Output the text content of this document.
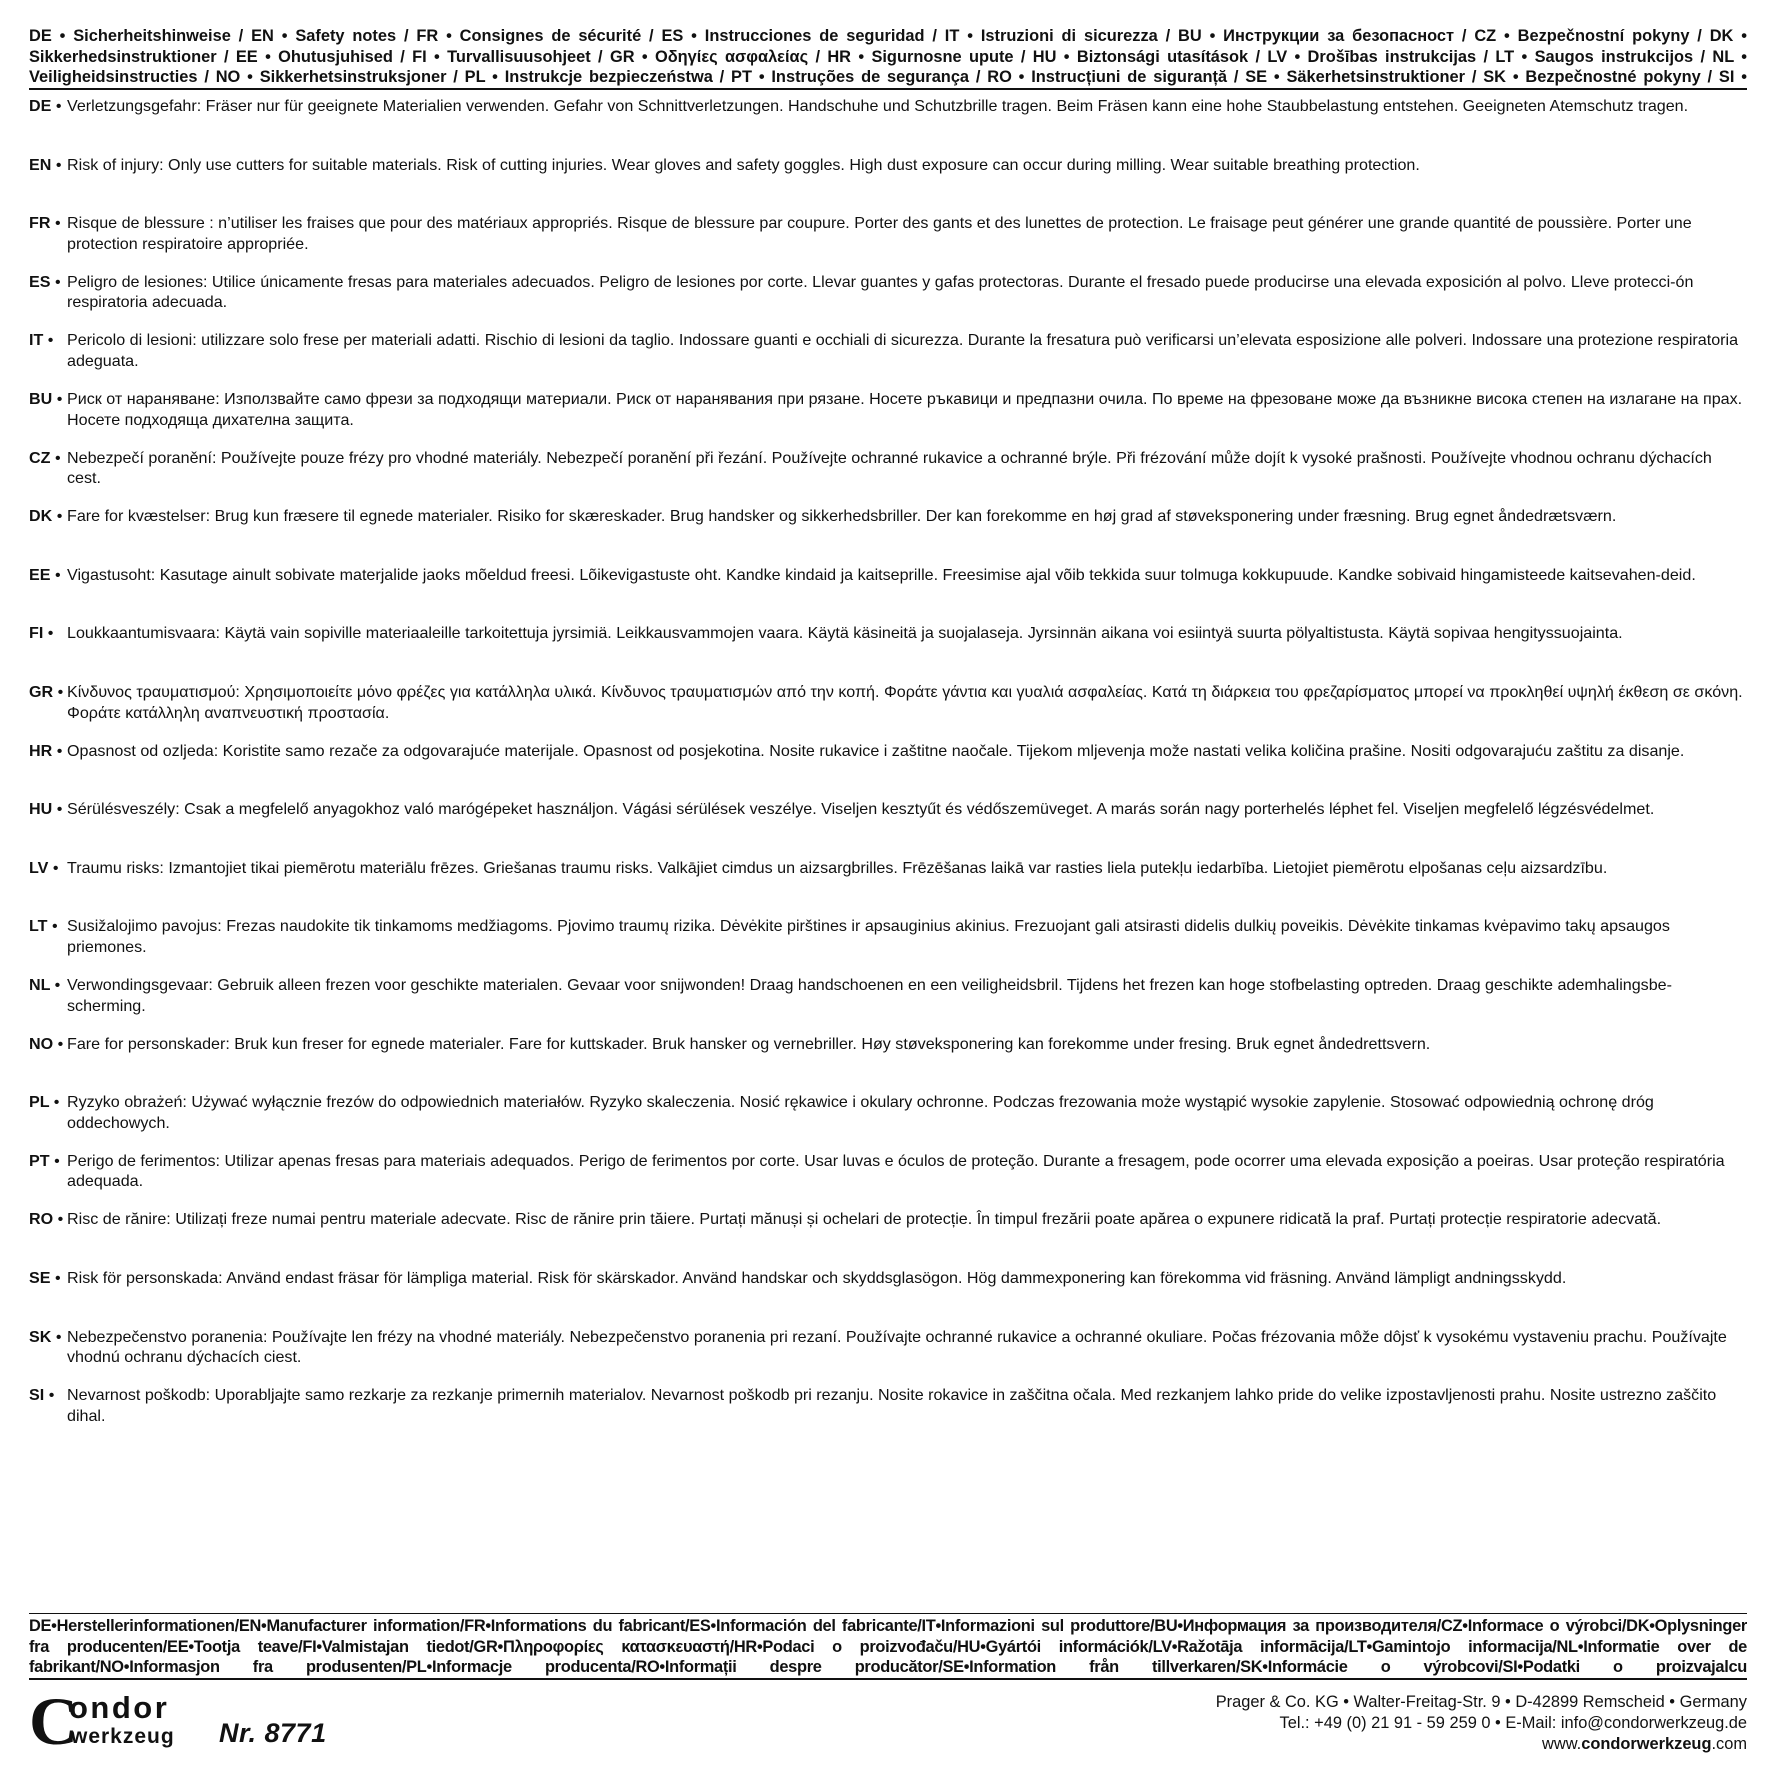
DE • Sicherheitshinweise / EN • Safety notes / FR • Consignes de sécurité / ES • Instrucciones de seguridad / IT • Istruzioni di sicurezza / BU • Инструкции за безопасност / CZ • Bezpečnostní pokyny / DK • Sikkerhedsinstruktioner / EE • Ohutusjuhised / FI • Turvallisuusohjeet / GR • Οδηγίες ασφαλείας / HR • Sigurnosne upute / HU • Biztonsági utasítások / LV • Drošības instrukcijas / LT • Saugos instrukcijos / NL • Veiligheidsinstructies / NO • Sikkerhetsinstruksjoner / PL • Instrukcje bezpieczeństwa / PT • Instruções de segurança / RO • Instrucțiuni de siguranță / SE • Säkerhetsinstruktioner / SK • Bezpečnostné pokyny / SI •
DE • Verletzungsgefahr: Fräser nur für geeignete Materialien verwenden. Gefahr von Schnittverletzungen. Handschuhe und Schutzbrille tragen. Beim Fräsen kann eine hohe Staubbelastung entstehen. Geeigneten Atemschutz tragen.
EN • Risk of injury: Only use cutters for suitable materials. Risk of cutting injuries. Wear gloves and safety goggles. High dust exposure can occur during milling. Wear suitable breathing protection.
FR • Risque de blessure : n’utiliser les fraises que pour des matériaux appropriés. Risque de blessure par coupure. Porter des gants et des lunettes de protection. Le fraisage peut générer une grande quantité de poussière. Porter une protection respiratoire appropriée.
ES • Peligro de lesiones: Utilice únicamente fresas para materiales adecuados. Peligro de lesiones por corte. Llevar guantes y gafas protectoras. Durante el fresado puede producirse una elevada exposición al polvo. Lleve protecci-ón respiratoria adecuada.
IT • Pericolo di lesioni: utilizzare solo frese per materiali adatti. Rischio di lesioni da taglio. Indossare guanti e occhiali di sicurezza. Durante la fresatura può verificarsi un’elevata esposizione alle polveri. Indossare una protezione respiratoria adeguata.
BU • Риск от нараняване: Използвайте само фрези за подходящи материали. Риск от наранявания при рязане. Носете ръкавици и предпазни очила. По време на фрезоване може да възникне висока степен на излагане на прах. Носете подходяща дихателна защита.
CZ • Nebezpečí poranění: Používejte pouze frézy pro vhodné materiály. Nebezpečí poranění při řezání. Používejte ochranné rukavice a ochranné brýle. Při frézování může dojít k vysoké prašnosti. Používejte vhodnou ochranu dýchacích cest.
DK • Fare for kvæstelser: Brug kun fræsere til egnede materialer. Risiko for skæreskader. Brug handsker og sikkerhedsbriller. Der kan forekomme en høj grad af støveksponering under fræsning. Brug egnet åndedrætsværn.
EE • Vigastusoht: Kasutage ainult sobivate materjalide jaoks mõeldud freesi. Lõikevigastuste oht. Kandke kindaid ja kaitseprille. Freesimise ajal võib tekkida suur tolmuga kokkupuude. Kandke sobivaid hingamisteede kaitsevahen-deid.
FI • Loukkaantumisvaara: Käytä vain sopiville materiaaleille tarkoitettuja jyrsimiä. Leikkausvammojen vaara. Käytä käsineitä ja suojalaseja. Jyrsinnän aikana voi esiintyä suurta pölyaltistusta. Käytä sopivaa hengityssuojainta.
GR • Κίνδυνος τραυματισμού: Χρησιμοποιείτε μόνο φρέζες για κατάλληλα υλικά. Κίνδυνος τραυματισμών από την κοπή. Φοράτε γάντια και γυαλιά ασφαλείας. Κατά τη διάρκεια του φρεζαρίσματος μπορεί να προκληθεί υψηλή έκθεση σε σκόνη. Φοράτε κατάλληλη αναπνευστική προστασία.
HR • Opasnost od ozljeda: Koristite samo rezače za odgovarajuće materijale. Opasnost od posjekotina. Nosite rukavice i zaštitne naočale. Tijekom mljevenja može nastati velika količina prašine. Nositi odgovarajuću zaštitu za disanje.
HU • Sérülésveszély: Csak a megfelelő anyagokhoz való marógépeket használjon. Vágási sérülések veszélye. Viseljen kesztyűt és védőszemüveget. A marás során nagy porterhelés léphet fel. Viseljen megfelelő légzésvédelmet.
LV • Traumu risks: Izmantojiet tikai piemērotu materiālu frēzes. Griešanas traumu risks. Valkājiet cimdus un aizsargbrilles. Frēzēšanas laikā var rasties liela putekļu iedarbība. Lietojiet piemērotu elpošanas ceļu aizsardzību.
LT • Susižalojimo pavojus: Frezas naudokite tik tinkamoms medžiagoms. Pjovimo traumų rizika. Dėvėkite pirštines ir apsauginius akinius. Frezuojant gali atsirasti didelis dulkių poveikis. Dėvėkite tinkamas kvėpavimo takų apsaugos priemones.
NL • Verwondingsgevaar: Gebruik alleen frezen voor geschikte materialen. Gevaar voor snijwonden! Draag handschoenen en een veiligheidsbril. Tijdens het frezen kan hoge stofbelasting optreden. Draag geschikte ademhalingsbe-scherming.
NO • Fare for personskader: Bruk kun freser for egnede materialer. Fare for kuttskader. Bruk hansker og vernebriller. Høy støveksponering kan forekomme under fresing. Bruk egnet åndedrettsvern.
PL • Ryzyko obrażeń: Używać wyłącznie frezów do odpowiednich materiałów. Ryzyko skaleczenia. Nosić rękawice i okulary ochronne. Podczas frezowania może wystąpić wysokie zapylenie. Stosować odpowiednią ochronę dróg oddechowych.
PT • Perigo de ferimentos: Utilizar apenas fresas para materiais adequados. Perigo de ferimentos por corte. Usar luvas e óculos de proteção. Durante a fresagem, pode ocorrer uma elevada exposição a poeiras. Usar proteção respiratória adequada.
RO • Risc de rănire: Utilizați freze numai pentru materiale adecvate. Risc de rănire prin tăiere. Purtați mănuși și ochelari de protecție. În timpul frezării poate apărea o expunere ridicată la praf. Purtați protecție respiratorie adecvată.
SE • Risk för personskada: Använd endast fräsar för lämpliga material. Risk för skärskador. Använd handskar och skyddsglasögon. Hög dammexponering kan förekomma vid fräsning. Använd lämpligt andningsskydd.
SK • Nebezpečenstvo poranenia: Používajte len frézy na vhodné materiály. Nebezpečenstvo poranenia pri rezaní. Používajte ochranné rukavice a ochranné okuliare. Počas frézovania môže dôjsť k vysokému vystaveniu prachu. Používajte vhodnú ochranu dýchacích ciest.
SI • Nevarnost poškodb: Uporabljajte samo rezkarje za rezkanje primernih materialov. Nevarnost poškodb pri rezanju. Nosite rokavice in zaščitna očala. Med rezkanjem lahko pride do velike izpostavljenosti prahu. Nosite ustrezno zaščito dihal.
DE•Herstellerinformationen/EN•Manufacturer information/FR•Informations du fabricant/ES•Información del fabricante/IT•Informazioni sul produttore/BU•Информация за производителя/CZ•Informace o výrobci/DK•Oplysninger fra producenten/EE•Tootja teave/FI•Valmistajan tiedot/GR•Πληροφορίες κατασκευαστή/HR•Podaci o proizvođaču/HU•Gyártói információk/LV•Ražotāja informācija/LT•Gamintojo informacija/NL•Informatie over de fabrikant/NO•Informasjon fra produsenten/PL•Informacje producenta/RO•Informații despre producător/SE•Information från tillverkaren/SK•Informácie o výrobcovi/SI•Podatki o proizvajalcu
C
ondor
werkzeug Nr. 8771
Prager & Co. KG • Walter-Freitag-Str. 9 • D-42899 Remscheid • Germany
Tel.: +49 (0) 21 91 - 59 259 0 • E-Mail: info@condorwerkzeug.de
www.condorwerkzeug.com
